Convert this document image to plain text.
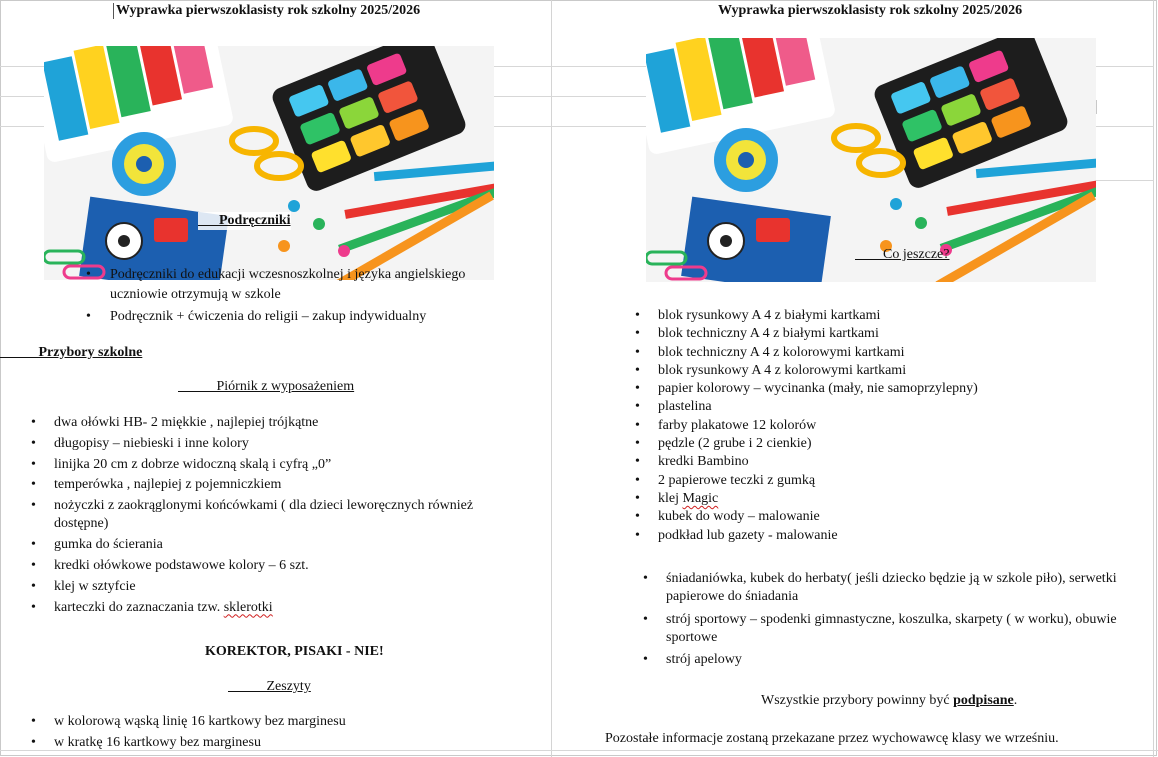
Wyprawka pierwszoklasisty rok szkolny 2025/2026	Wyprawka pierwszoklasisty rok szkolny 2025/2026
Podręczniki
• Podręczniki do edukacji wczesnoszkolnej i języka angielskiego
uczniowie otrzymują w szkole
• Podręcznik + ćwiczenia do religii – zakup indywidualny
Przybory szkolne
Piórnik z wyposażeniem
• dwa ołówki HB- 2 miękkie , najlepiej trójkątne
• długopisy – niebieski i inne kolory
• linijka 20 cm z dobrze widoczną skalą i cyfrą „0”
• temperówka , najlepiej z pojemniczkiem
• nożyczki z zaokrąglonymi końcówkami ( dla dzieci leworęcznych również
dostępne)
• gumka do ścierania
• kredki ołówkowe podstawowe kolory – 6 szt.
• klej w sztyfcie
• karteczki do zaznaczania tzw. sklerotki
KOREKTOR, PISAKI - NIE!
Zeszyty
• w kolorową wąską linię 16 kartkowy bez marginesu
• w kratkę 16 kartkowy bez marginesu
Co jeszcze?
• blok rysunkowy A 4 z białymi kartkami
• blok techniczny A 4 z białymi kartkami
• blok techniczny A 4 z kolorowymi kartkami
• blok rysunkowy A 4 z kolorowymi kartkami
• papier kolorowy – wycinanka (mały, nie samoprzylepny)
• plastelina
• farby plakatowe 12 kolorów
• pędzle (2 grube i 2 cienkie)
• kredki Bambino
• 2 papierowe teczki z gumką
• klej Magic
• kubek do wody – malowanie
• podkład lub gazety - malowanie
• śniadaniówka, kubek do herbaty( jeśli dziecko będzie ją w szkole piło), serwetki
papierowe do śniadania
• strój sportowy – spodenki gimnastyczne, koszulka, skarpety ( w worku), obuwie
sportowe
• strój apelowy
Wszystkie przybory powinny być podpisane.
Pozostałe informacje zostaną przekazane przez wychowawcę klasy we wrześniu.
